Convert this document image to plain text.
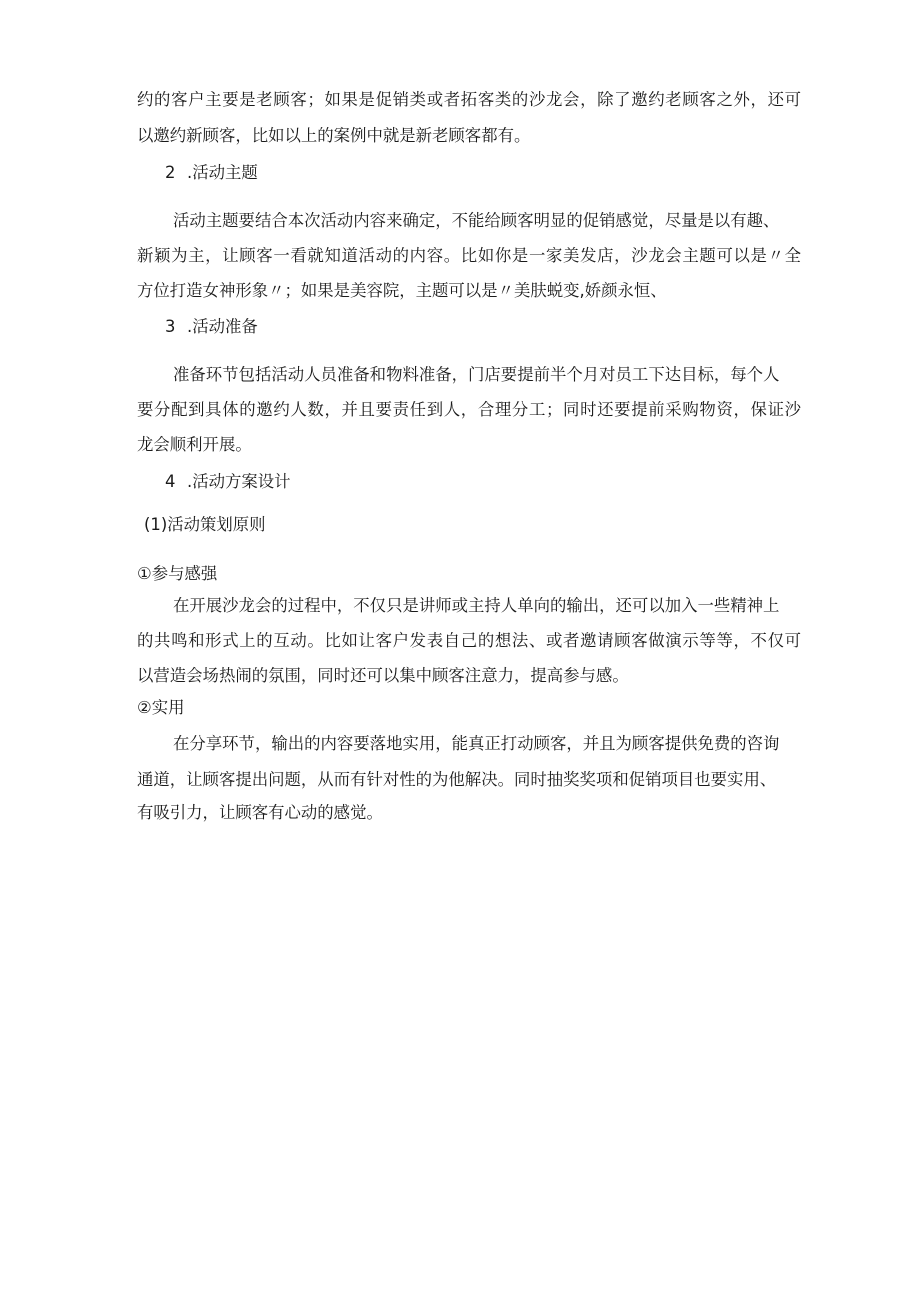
约的客户主要是老顾客；如果是促销类或者拓客类的沙龙会，除了邀约老顾客之外，还可
以邀约新顾客，比如以上的案例中就是新老顾客都有。
2 .活动主题
活动主题要结合本次活动内容来确定，不能给顾客明显的促销感觉，尽量是以有趣、
新颖为主，让顾客一看就知道活动的内容。比如你是一家美发店，沙龙会主题可以是〃全
方位打造女神形象〃；如果是美容院，主题可以是〃美肤蜕变,娇颜永恒、
3 .活动准备
准备环节包括活动人员准备和物料准备，门店要提前半个月对员工下达目标，每个人
要分配到具体的邀约人数，并且要责任到人，合理分工；同时还要提前采购物资，保证沙
龙会顺利开展。
4 .活动方案设计
(1)活动策划原则
①参与感强
在开展沙龙会的过程中，不仅只是讲师或主持人单向的输出，还可以加入一些精神上
的共鸣和形式上的互动。比如让客户发表自己的想法、或者邀请顾客做演示等等，不仅可
以营造会场热闹的氛围，同时还可以集中顾客注意力，提高参与感。
②实用
在分享环节，输出的内容要落地实用，能真正打动顾客，并且为顾客提供免费的咨询
通道，让顾客提出问题，从而有针对性的为他解决。同时抽奖奖项和促销项目也要实用、
有吸引力，让顾客有心动的感觉。
